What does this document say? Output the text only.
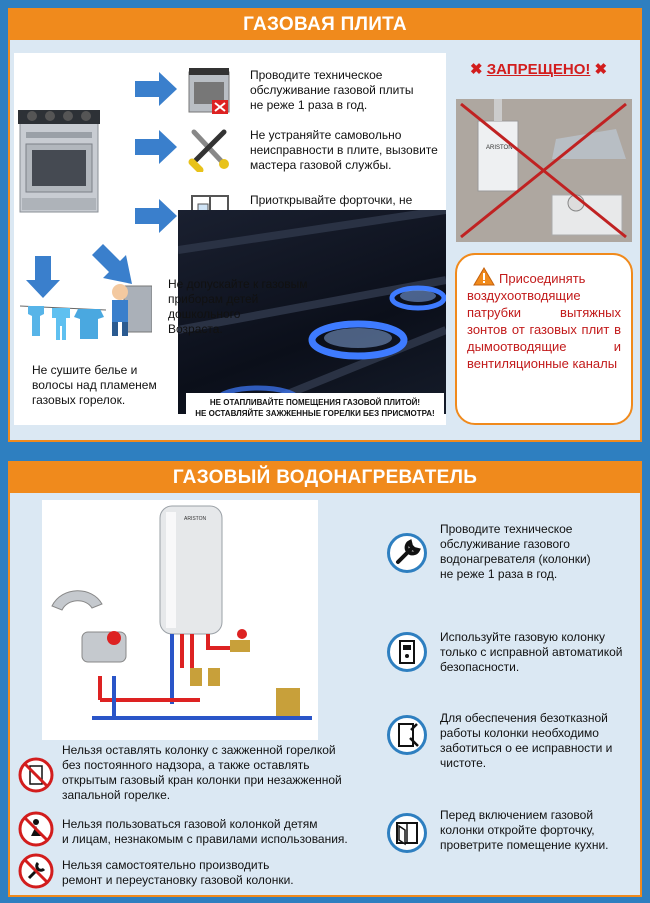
ГАЗОВАЯ ПЛИТА
Проводите техническое
обслуживание газовой плиты
не реже 1 раза в год.
Не устраняйте самовольно
неисправности в плите, вызовите
мастера газовой службы.
Приоткрывайте форточки, не
Не допускайте к газовым
приборам детей
дошкольного
Возраста.
Не сушите белье и
волосы над пламенем
газовых горелок.	НЕ ОТАПЛИВАЙТЕ ПОМЕЩЕНИЯ ГАЗОВОЙ ПЛИТОЙ!
НЕ ОСТАВЛЯЙТЕ ЗАЖЖЕННЫЕ ГОРЕЛКИ БЕЗ ПРИСМОТРА!
✖ ЗАПРЕЩЕНО! ✖
ARISTON

Присоединять воздухоотводящие патрубки вытяжных зонтов от газовых плит в дымоотводящие и вентиляционные каналы

ГАЗОВЫЙ ВОДОНАГРЕВАТЕЛЬ
ARISTON
Проводите техническое
обслуживание газового
водонагревателя (колонки)
не реже 1 раза в год.
Используйте газовую колонку
только с исправной автоматикой
безопасности.
Для обеспечения безотказной
работы колонки необходимо
заботиться о ее исправности и
чистоте.
Перед включением газовой
колонки откройте форточку,
проветрите помещение кухни.
Нельзя оставлять колонку с зажженной горелкой
без постоянного надзора, а также оставлять
открытым газовый кран колонки при незажженной
запальной горелке.
Нельзя пользоваться газовой колонкой детям
и лицам, незнакомым с правилами использования.
Нельзя самостоятельно производить
ремонт и переустановку газовой колонки.
